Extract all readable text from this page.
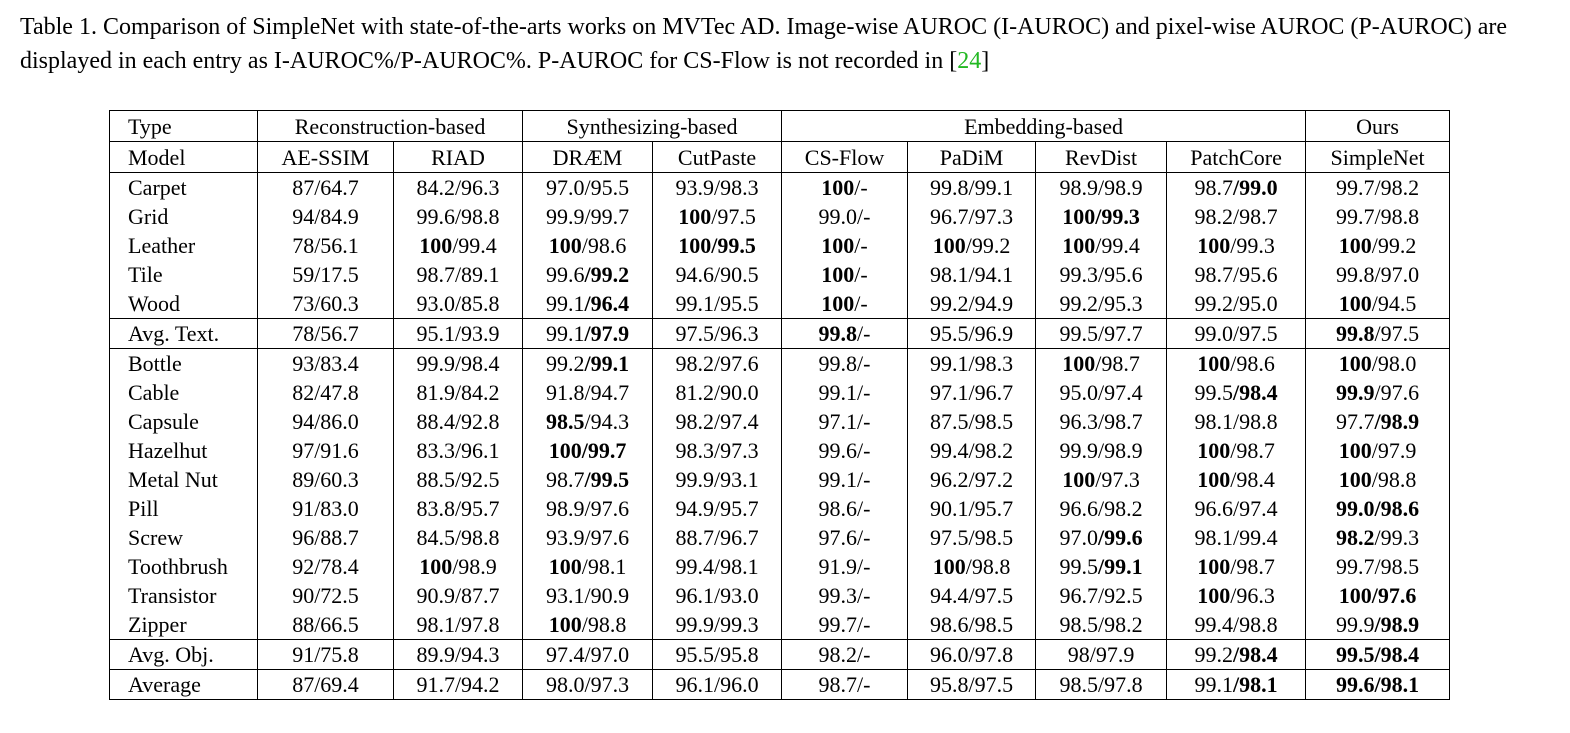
Table 1. Comparison of SimpleNet with state-of-the-arts works on MVTec AD. Image-wise AUROC (I-AUROC) and pixel-wise AUROC (P-AUROC) are displayed in each entry as I-AUROC%/P-AUROC%. P-AUROC for CS-Flow is not recorded in [24]
Type	Reconstruction-based		Synthesizing-based		Embedding-based				Ours
Model	AE-SSIM	RIAD	DRÆM	CutPaste	CS-Flow	PaDiM	RevDist	PatchCore	SimpleNet
Carpet	87/64.7	84.2/96.3	97.0/95.5	93.9/98.3	100/-	99.8/99.1	98.9/98.9	98.7/99.0	99.7/98.2
Grid	94/84.9	99.6/98.8	99.9/99.7	100/97.5	99.0/-	96.7/97.3	100/99.3	98.2/98.7	99.7/98.8
Leather	78/56.1	100/99.4	100/98.6	100/99.5	100/-	100/99.2	100/99.4	100/99.3	100/99.2
Tile	59/17.5	98.7/89.1	99.6/99.2	94.6/90.5	100/-	98.1/94.1	99.3/95.6	98.7/95.6	99.8/97.0
Wood	73/60.3	93.0/85.8	99.1/96.4	99.1/95.5	100/-	99.2/94.9	99.2/95.3	99.2/95.0	100/94.5
Avg. Text.	78/56.7	95.1/93.9	99.1/97.9	97.5/96.3	99.8/-	95.5/96.9	99.5/97.7	99.0/97.5	99.8/97.5
Bottle	93/83.4	99.9/98.4	99.2/99.1	98.2/97.6	99.8/-	99.1/98.3	100/98.7	100/98.6	100/98.0
Cable	82/47.8	81.9/84.2	91.8/94.7	81.2/90.0	99.1/-	97.1/96.7	95.0/97.4	99.5/98.4	99.9/97.6
Capsule	94/86.0	88.4/92.8	98.5/94.3	98.2/97.4	97.1/-	87.5/98.5	96.3/98.7	98.1/98.8	97.7/98.9
Hazelhut	97/91.6	83.3/96.1	100/99.7	98.3/97.3	99.6/-	99.4/98.2	99.9/98.9	100/98.7	100/97.9
Metal Nut	89/60.3	88.5/92.5	98.7/99.5	99.9/93.1	99.1/-	96.2/97.2	100/97.3	100/98.4	100/98.8
Pill	91/83.0	83.8/95.7	98.9/97.6	94.9/95.7	98.6/-	90.1/95.7	96.6/98.2	96.6/97.4	99.0/98.6
Screw	96/88.7	84.5/98.8	93.9/97.6	88.7/96.7	97.6/-	97.5/98.5	97.0/99.6	98.1/99.4	98.2/99.3
Toothbrush	92/78.4	100/98.9	100/98.1	99.4/98.1	91.9/-	100/98.8	99.5/99.1	100/98.7	99.7/98.5
Transistor	90/72.5	90.9/87.7	93.1/90.9	96.1/93.0	99.3/-	94.4/97.5	96.7/92.5	100/96.3	100/97.6
Zipper	88/66.5	98.1/97.8	100/98.8	99.9/99.3	99.7/-	98.6/98.5	98.5/98.2	99.4/98.8	99.9/98.9
Avg. Obj.	91/75.8	89.9/94.3	97.4/97.0	95.5/95.8	98.2/-	96.0/97.8	98/97.9	99.2/98.4	99.5/98.4
Average	87/69.4	91.7/94.2	98.0/97.3	96.1/96.0	98.7/-	95.8/97.5	98.5/97.8	99.1/98.1	99.6/98.1
